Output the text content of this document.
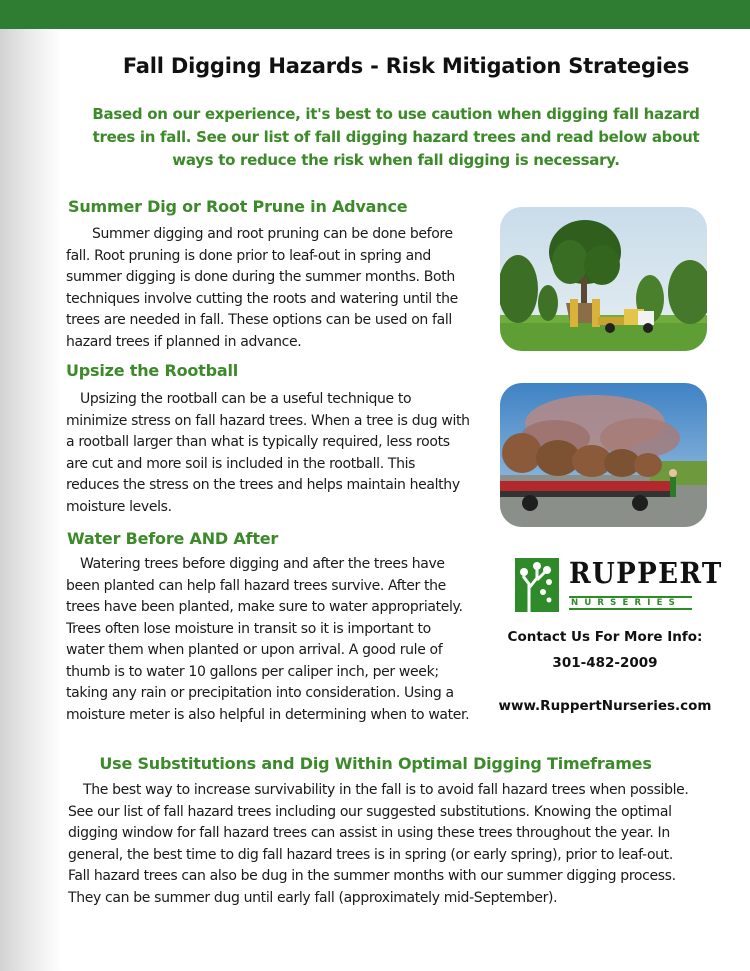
Fall Digging Hazards - Risk Mitigation Strategies

Based on our experience, it's best to use caution when digging fall hazard trees in fall. See our list of fall digging hazard trees and read below about ways to reduce the risk when fall digging is necessary.

Summer Dig or Root Prune in Advance

Summer digging and root pruning can be done before fall. Root pruning is done prior to leaf-out in spring and summer digging is done during the summer months. Both techniques involve cutting the roots and watering until the trees are needed in fall. These options can be used on fall hazard trees if planned in advance.

Upsize the Rootball

Upsizing the rootball can be a useful technique to minimize stress on fall hazard trees. When a tree is dug with a rootball larger than what is typically required, less roots are cut and more soil is included in the rootball. This reduces the stress on the trees and helps maintain healthy moisture levels.

Water Before AND After

Watering trees before digging and after the trees have been planted can help fall hazard trees survive. After the trees have been planted, make sure to water appropriately. Trees often lose moisture in transit so it is important to water them when planted or upon arrival. A good rule of thumb is to water 10 gallons per caliper inch, per week; taking any rain or precipitation into consideration. Using a moisture meter is also helpful in determining when to water.

RUPPERT
NURSERIES

Contact Us For More Info:

301-482-2009

www.RuppertNurseries.com

Use Substitutions and Dig Within Optimal Digging Timeframes

The best way to increase survivability in the fall is to avoid fall hazard trees when possible. See our list of fall hazard trees including our suggested substitutions. Knowing the optimal digging window for fall hazard trees can assist in using these trees throughout the year. In general, the best time to dig fall hazard trees is in spring (or early spring), prior to leaf-out. Fall hazard trees can also be dug in the summer months with our summer digging process. They can be summer dug until early fall (approximately mid-September).
